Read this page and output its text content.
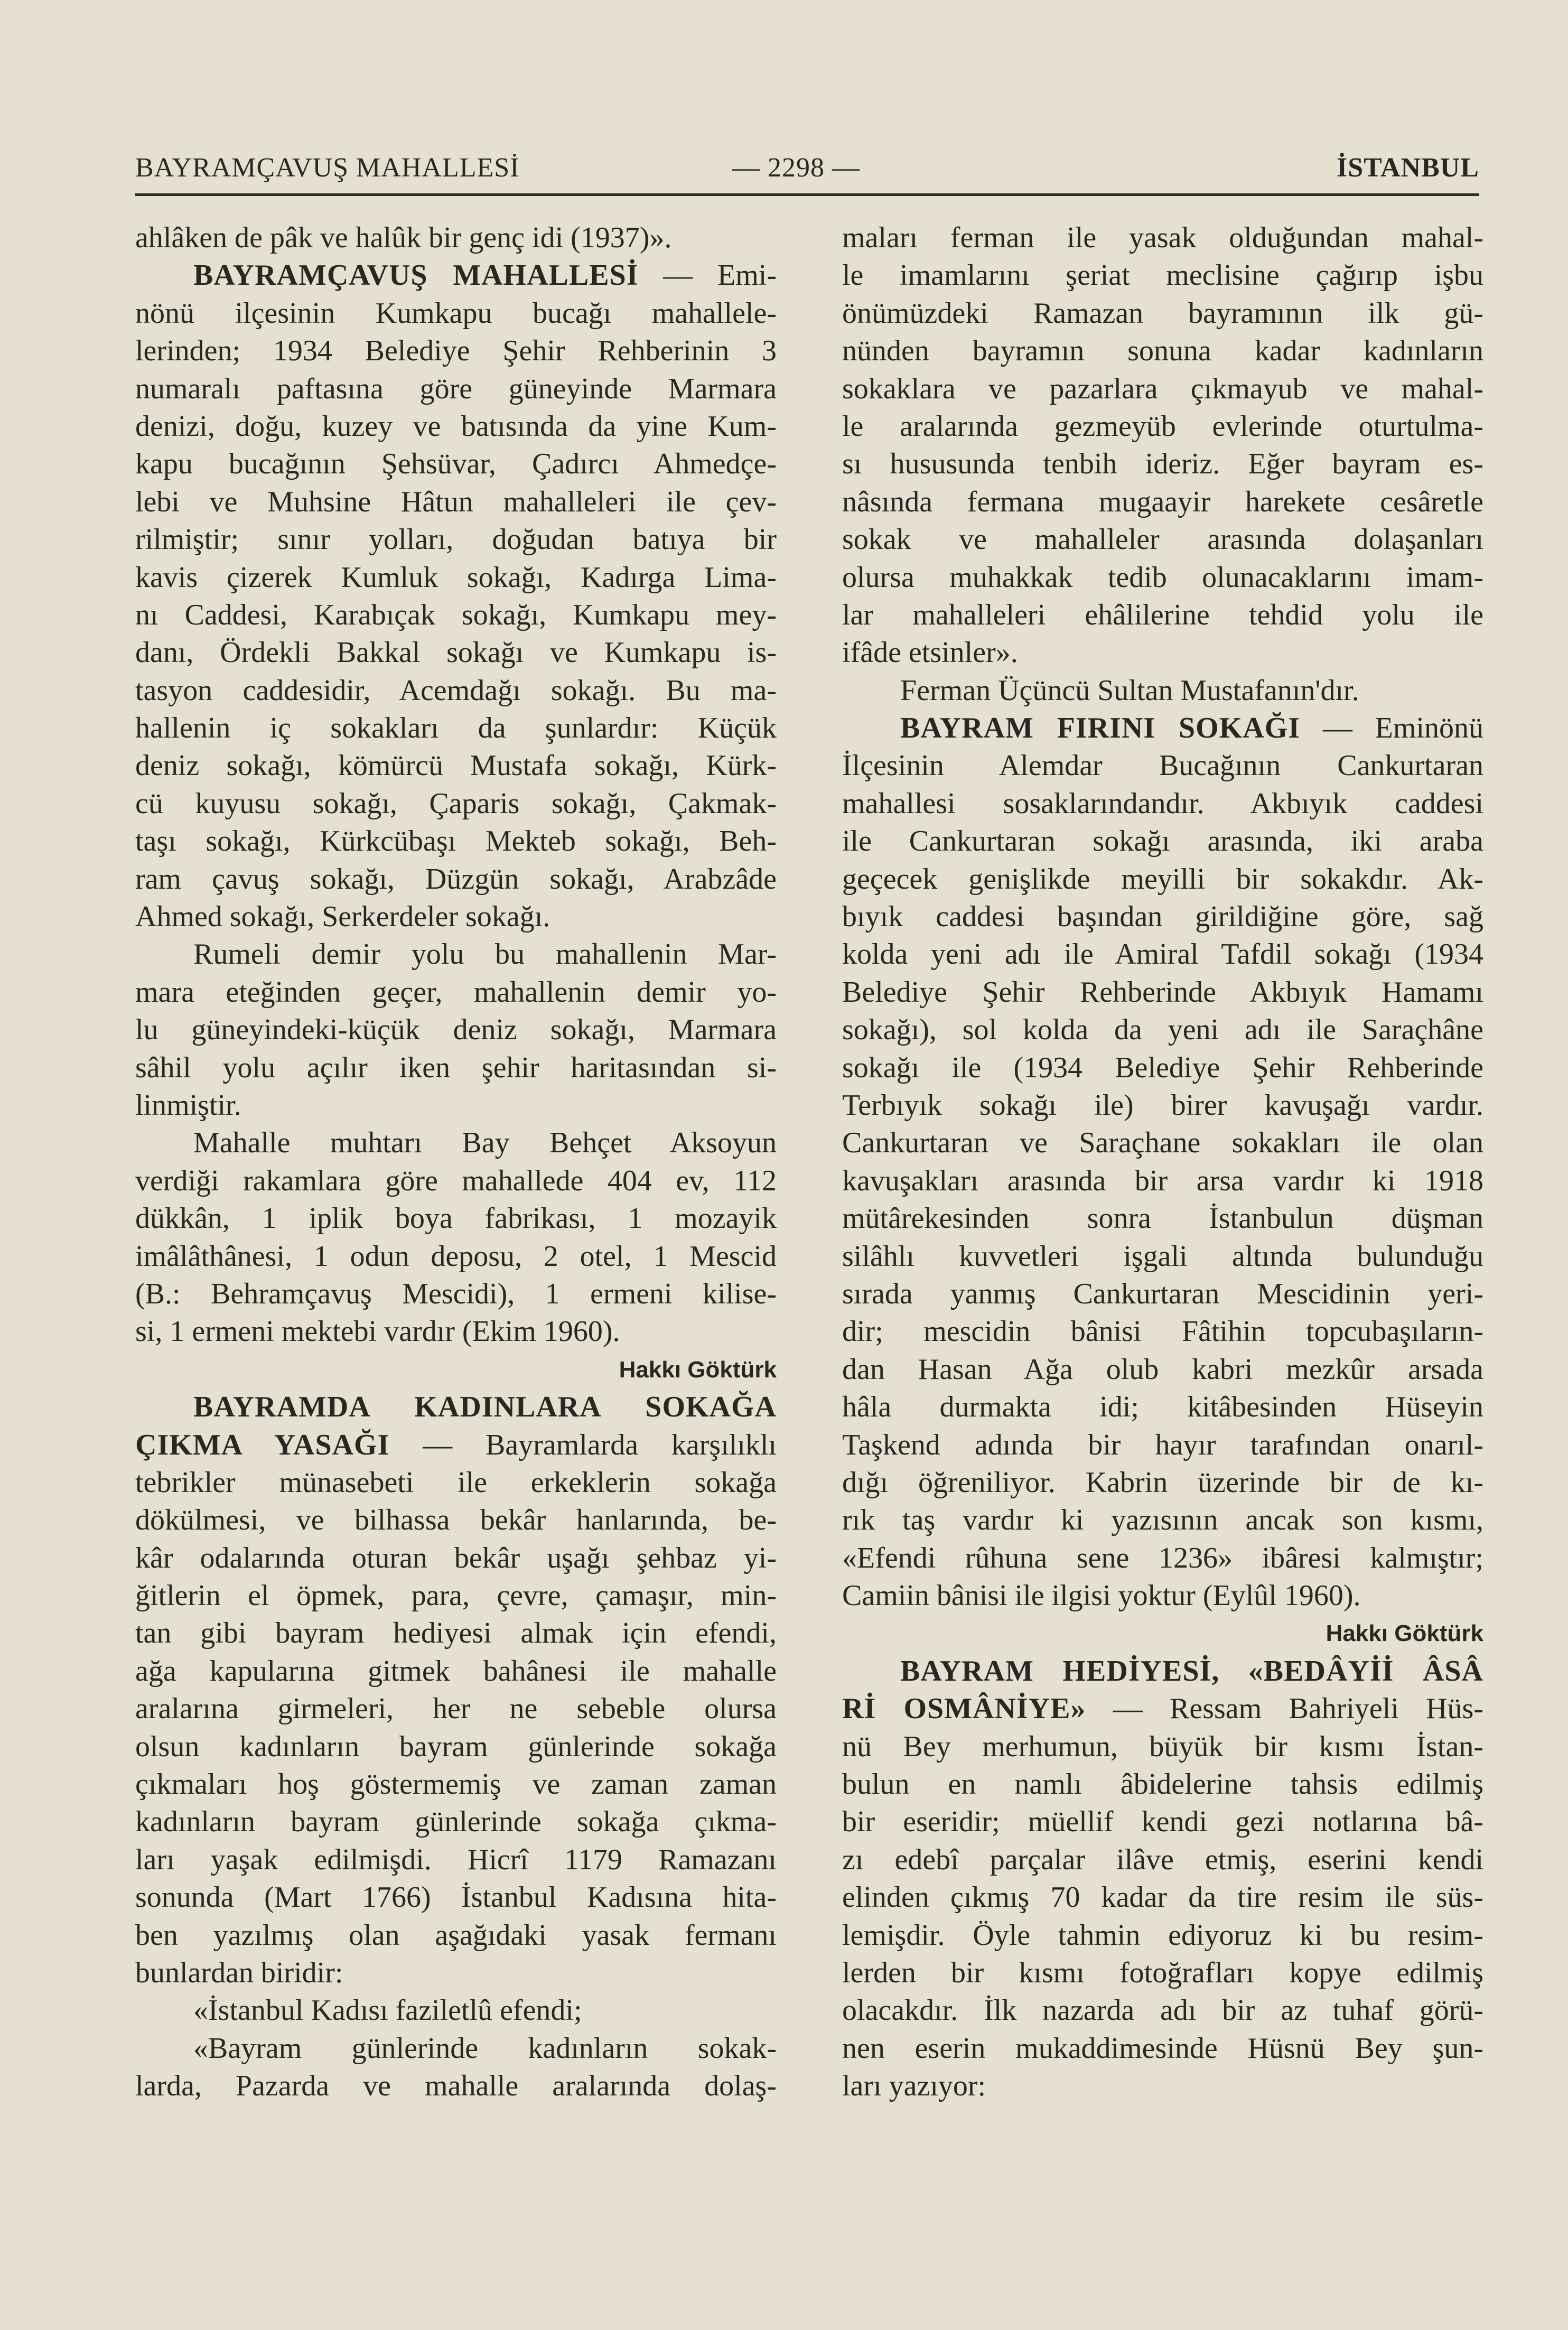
BAYRAMÇAVUŞ MAHALLESİ	— 2298 —	İSTANBUL
ahlâken de pâk ve halûk bir genç idi (1937)».
BAYRAMÇAVUŞ MAHALLESİ — Emi-
nönü ilçesinin Kumkapu bucağı mahallele-
lerinden; 1934 Belediye Şehir Rehberinin 3
numaralı paftasına göre güneyinde Marmara
denizi, doğu, kuzey ve batısında da yine Kum-
kapu bucağının Şehsüvar, Çadırcı Ahmedçe-
lebi ve Muhsine Hâtun mahalleleri ile çev-
rilmiştir; sınır yolları, doğudan batıya bir
kavis çizerek Kumluk sokağı, Kadırga Lima-
nı Caddesi, Karabıçak sokağı, Kumkapu mey-
danı, Ördekli Bakkal sokağı ve Kumkapu is-
tasyon caddesidir, Acemdağı sokağı. Bu ma-
hallenin iç sokakları da şunlardır: Küçük
deniz sokağı, kömürcü Mustafa sokağı, Kürk-
cü kuyusu sokağı, Çaparis sokağı, Çakmak-
taşı sokağı, Kürkcübaşı Mekteb sokağı, Beh-
ram çavuş sokağı, Düzgün sokağı, Arabzâde
Ahmed sokağı, Serkerdeler sokağı.
Rumeli demir yolu bu mahallenin Mar-
mara eteğinden geçer, mahallenin demir yo-
lu güneyindeki-küçük deniz sokağı, Marmara
sâhil yolu açılır iken şehir haritasından si-
linmiştir.
Mahalle muhtarı Bay Behçet Aksoyun
verdiği rakamlara göre mahallede 404 ev, 112
dükkân, 1 iplik boya fabrikası, 1 mozayik
imâlâthânesi, 1 odun deposu, 2 otel, 1 Mescid
(B.: Behramçavuş Mescidi), 1 ermeni kilise-
si, 1 ermeni mektebi vardır (Ekim 1960).
Hakkı Göktürk
BAYRAMDA KADINLARA SOKAĞA
ÇIKMA YASAĞI — Bayramlarda karşılıklı
tebrikler münasebeti ile erkeklerin sokağa
dökülmesi, ve bilhassa bekâr hanlarında, be-
kâr odalarında oturan bekâr uşağı şehbaz yi-
ğitlerin el öpmek, para, çevre, çamaşır, min-
tan gibi bayram hediyesi almak için efendi,
ağa kapularına gitmek bahânesi ile mahalle
aralarına girmeleri, her ne sebeble olursa
olsun kadınların bayram günlerinde sokağa
çıkmaları hoş göstermemiş ve zaman zaman
kadınların bayram günlerinde sokağa çıkma-
ları yaşak edilmişdi. Hicrî 1179 Ramazanı
sonunda (Mart 1766) İstanbul Kadısına hita-
ben yazılmış olan aşağıdaki yasak fermanı
bunlardan biridir:
«İstanbul Kadısı faziletlû efendi;
«Bayram günlerinde kadınların sokak-
larda, Pazarda ve mahalle aralarında dolaş-
maları ferman ile yasak olduğundan mahal-
le imamlarını şeriat meclisine çağırıp işbu
önümüzdeki Ramazan bayramının ilk gü-
nünden bayramın sonuna kadar kadınların
sokaklara ve pazarlara çıkmayub ve mahal-
le aralarında gezmeyüb evlerinde oturtulma-
sı hususunda tenbih ideriz. Eğer bayram es-
nâsında fermana mugaayir harekete cesâretle
sokak ve mahalleler arasında dolaşanları
olursa muhakkak tedib olunacaklarını imam-
lar mahalleleri ehâlilerine tehdid yolu ile
ifâde etsinler».
Ferman Üçüncü Sultan Mustafanın'dır.
BAYRAM FIRINI SOKAĞI — Eminönü
İlçesinin Alemdar Bucağının Cankurtaran
mahallesi sosaklarındandır. Akbıyık caddesi
ile Cankurtaran sokağı arasında, iki araba
geçecek genişlikde meyilli bir sokakdır. Ak-
bıyık caddesi başından girildiğine göre, sağ
kolda yeni adı ile Amiral Tafdil sokağı (1934
Belediye Şehir Rehberinde Akbıyık Hamamı
sokağı), sol kolda da yeni adı ile Saraçhâne
sokağı ile (1934 Belediye Şehir Rehberinde
Terbıyık sokağı ile) birer kavuşağı vardır.
Cankurtaran ve Saraçhane sokakları ile olan
kavuşakları arasında bir arsa vardır ki 1918
mütârekesinden sonra İstanbulun düşman
silâhlı kuvvetleri işgali altında bulunduğu
sırada yanmış Cankurtaran Mescidinin yeri-
dir; mescidin bânisi Fâtihin topcubaşıların-
dan Hasan Ağa olub kabri mezkûr arsada
hâla durmakta idi; kitâbesinden Hüseyin
Taşkend adında bir hayır tarafından onarıl-
dığı öğreniliyor. Kabrin üzerinde bir de kı-
rık taş vardır ki yazısının ancak son kısmı,
«Efendi rûhuna sene 1236» ibâresi kalmıştır;
Camiin bânisi ile ilgisi yoktur (Eylûl 1960).
Hakkı Göktürk
BAYRAM HEDİYESİ, «BEDÂYİİ ÂSÂ
Rİ OSMÂNİYE» — Ressam Bahriyeli Hüs-
nü Bey merhumun, büyük bir kısmı İstan-
bulun en namlı âbidelerine tahsis edilmiş
bir eseridir; müellif kendi gezi notlarına bâ-
zı edebî parçalar ilâve etmiş, eserini kendi
elinden çıkmış 70 kadar da tire resim ile süs-
lemişdir. Öyle tahmin ediyoruz ki bu resim-
lerden bir kısmı fotoğrafları kopye edilmiş
olacakdır. İlk nazarda adı bir az tuhaf görü-
nen eserin mukaddimesinde Hüsnü Bey şun-
ları yazıyor:
